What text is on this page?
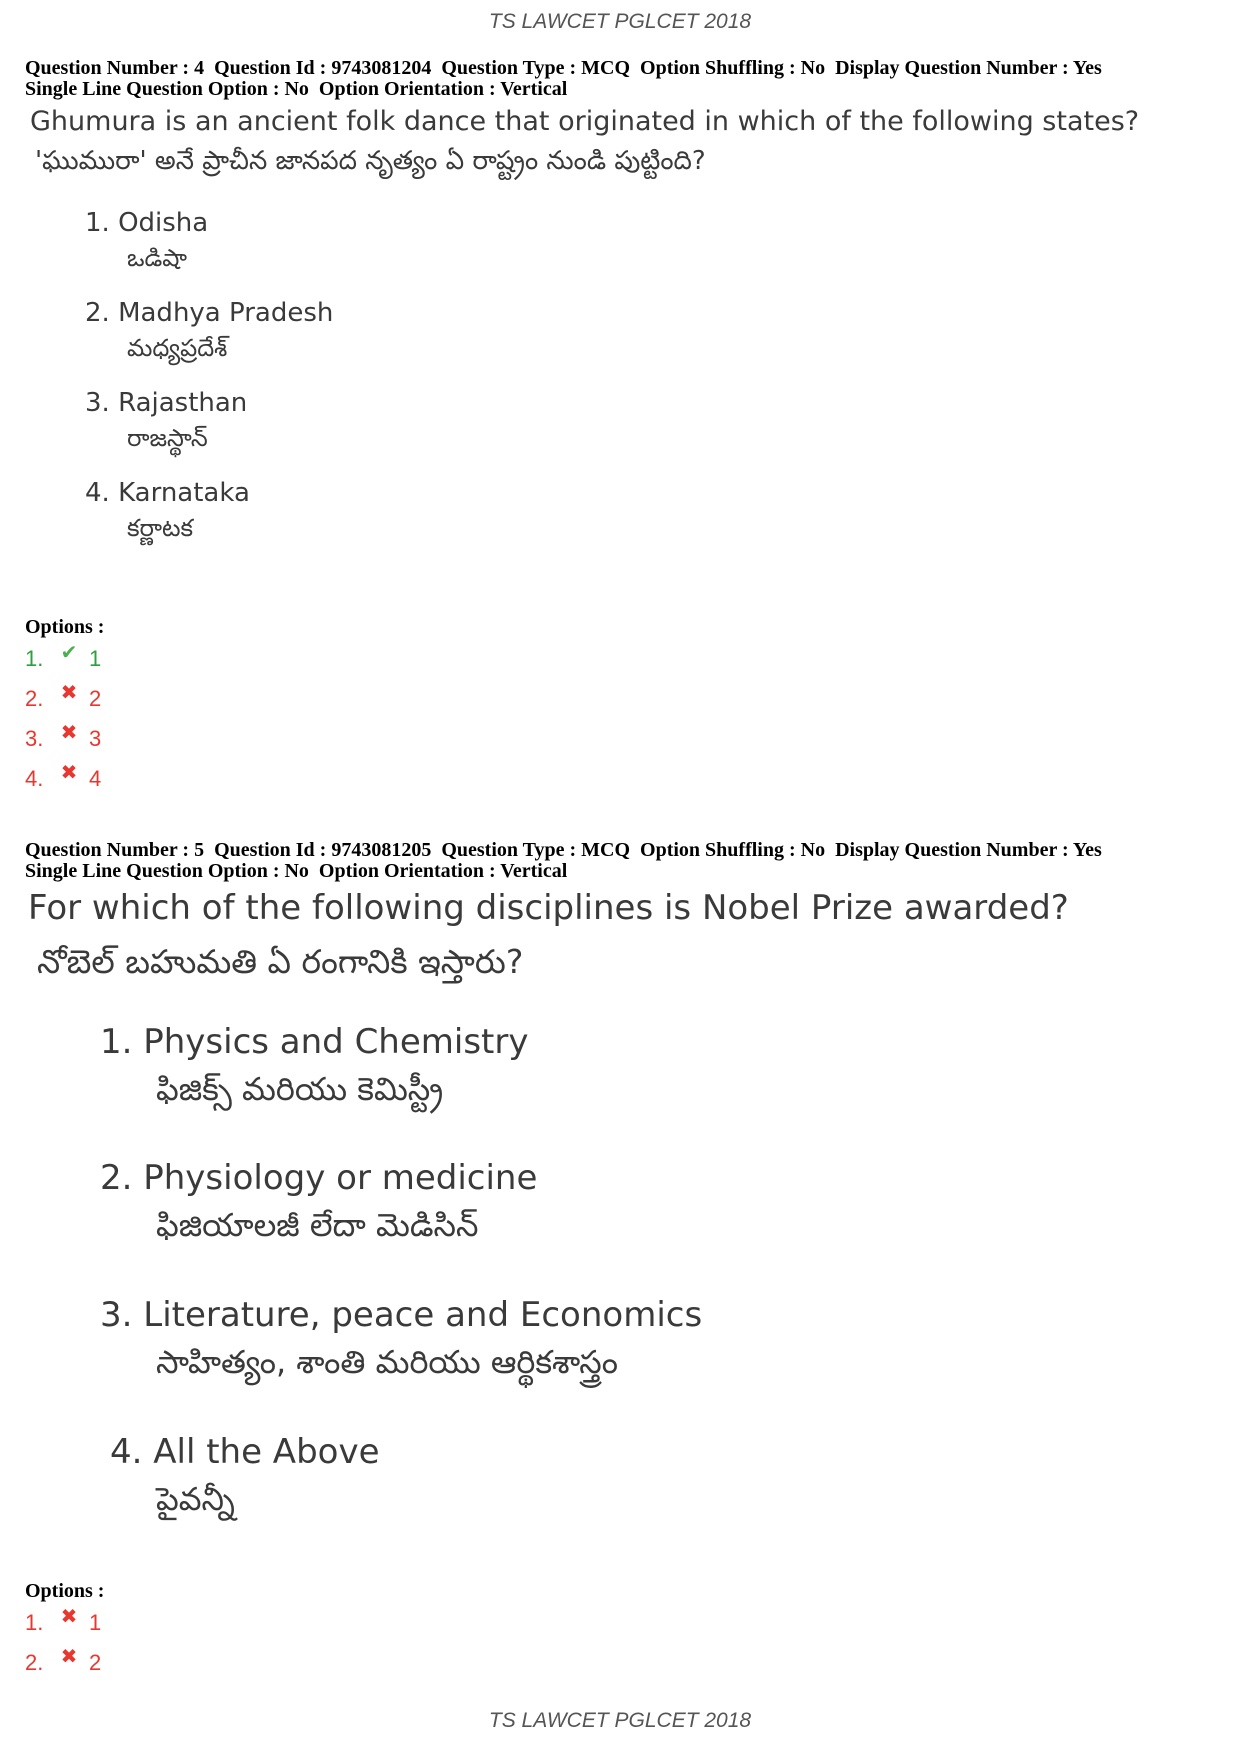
TS LAWCET PGLCET 2018
Question Number : 4  Question Id : 9743081204  Question Type : MCQ  Option Shuffling : No  Display Question Number : Yes
Single Line Question Option : No  Option Orientation : Vertical
Ghumura is an ancient folk dance that originated in which of the following states?
'ఘుమురా' అనే ప్రాచీన జానపద నృత్యం ఏ రాష్ట్రం నుండి పుట్టింది?
1. Odisha
ఒడిషా
2. Madhya Pradesh
మధ్యప్రదేశ్
3. Rajasthan
రాజస్థాన్
4. Karnataka
కర్ణాటక
Options :
1. ✔ 1
2. ✖ 2
3. ✖ 3
4. ✖ 4
Question Number : 5  Question Id : 9743081205  Question Type : MCQ  Option Shuffling : No  Display Question Number : Yes
Single Line Question Option : No  Option Orientation : Vertical
For which of the following disciplines is Nobel Prize awarded?
నోబెల్ బహుమతి ఏ రంగానికి ఇస్తారు?
1. Physics and Chemistry
ఫిజిక్స్ మరియు కెమిస్ట్రీ
2. Physiology or medicine
ఫిజియాలజీ లేదా మెడిసిన్
3. Literature, peace and Economics
సాహిత్యం, శాంతి మరియు ఆర్థికశాస్త్రం
4. All the Above
పైవన్నీ
Options :
1. ✖ 1
2. ✖ 2
TS LAWCET PGLCET 2018
